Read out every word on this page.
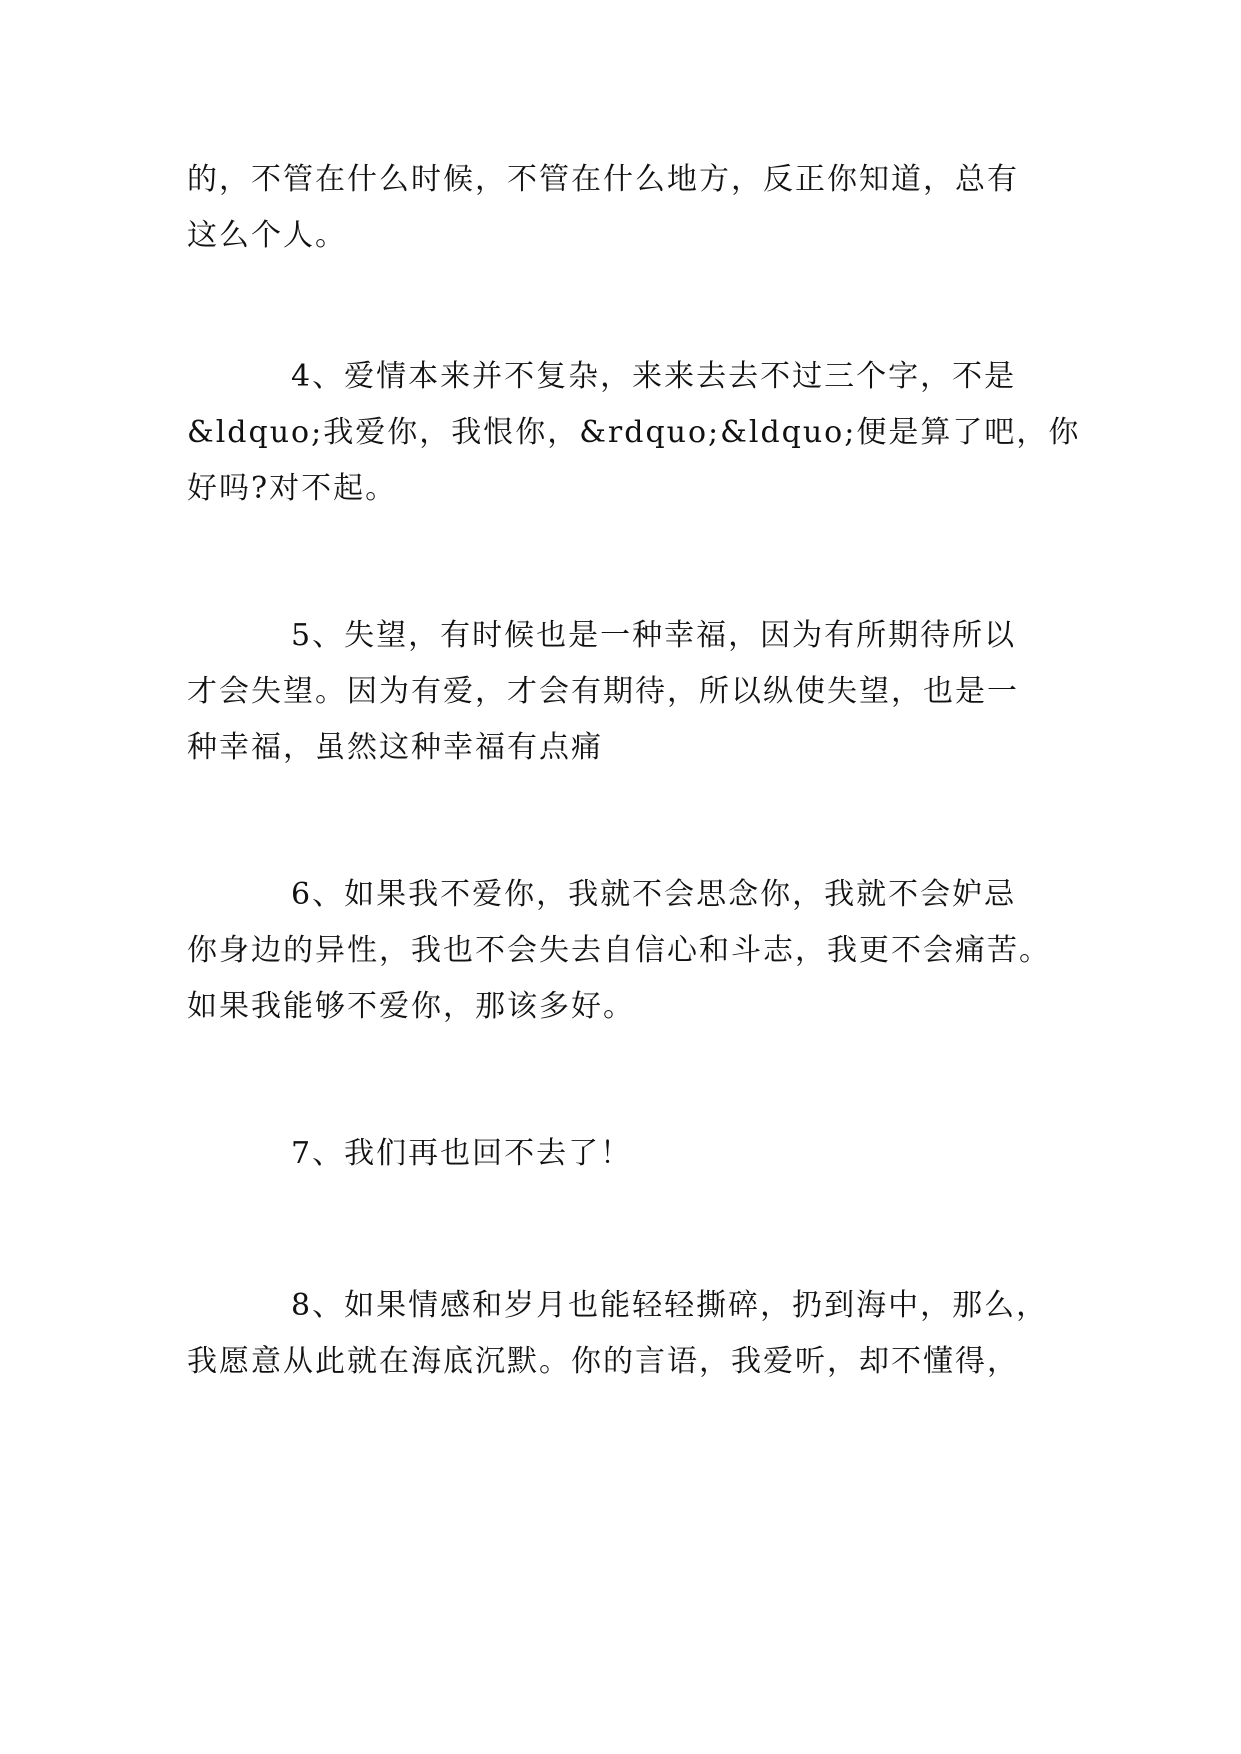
的，不管在什么时候，不管在什么地方，反正你知道，总有
这么个人。

4、爱情本来并不复杂，来来去去不过三个字，不是
&ldquo;我爱你，我恨你，&rdquo;&ldquo;便是算了吧，你
好吗?对不起。

5、失望，有时候也是一种幸福，因为有所期待所以
才会失望。因为有爱，才会有期待，所以纵使失望，也是一
种幸福，虽然这种幸福有点痛

6、如果我不爱你，我就不会思念你，我就不会妒忌
你身边的异性，我也不会失去自信心和斗志，我更不会痛苦。
如果我能够不爱你，那该多好。

7、我们再也回不去了！

8、如果情感和岁月也能轻轻撕碎，扔到海中，那么，
我愿意从此就在海底沉默。你的言语，我爱听，却不懂得，
